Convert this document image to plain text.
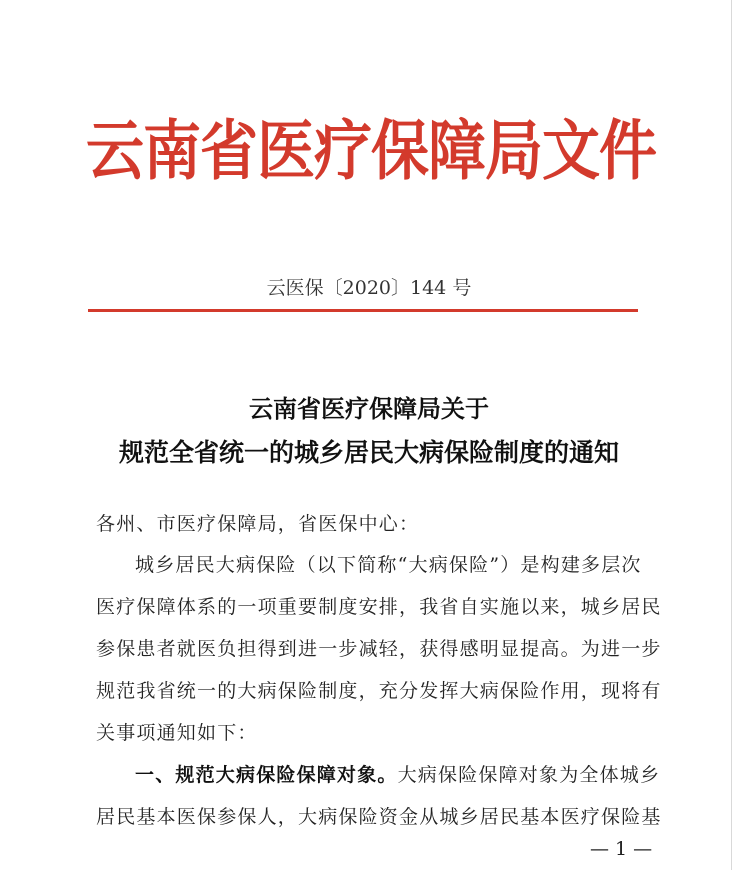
云南省医疗保障局文件
云医保〔2020〕144 号
云南省医疗保障局关于
规范全省统一的城乡居民大病保险制度的通知
各州、市医疗保障局，省医保中心：
城乡居民大病保险（以下简称“大病保险”）是构建多层次
医疗保障体系的一项重要制度安排，我省自实施以来，城乡居民
参保患者就医负担得到进一步减轻，获得感明显提高。为进一步
规范我省统一的大病保险制度，充分发挥大病保险作用，现将有
关事项通知如下：
一、规范大病保险保障对象。大病保险保障对象为全体城乡
居民基本医保参保人，大病保险资金从城乡居民基本医疗保险基
— 1 —
